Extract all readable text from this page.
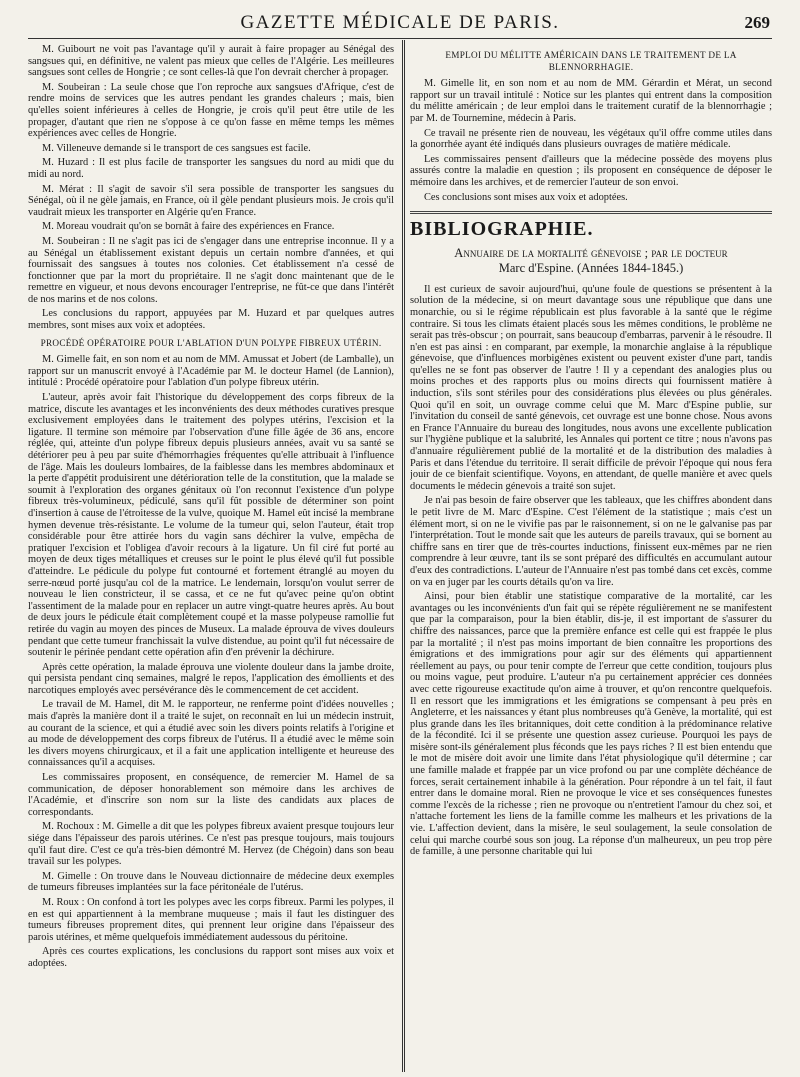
GAZETTE MÉDICALE DE PARIS.	269

M. Guibourt ne voit pas l'avantage qu'il y aurait à faire propager au Sénégal des sangsues qui, en définitive, ne valent pas mieux que celles de l'Algérie. Les meilleures sangsues sont celles de Hongrie ; ce sont celles-là que l'on devrait chercher à propager.

M. Soubeiran : La seule chose que l'on reproche aux sangsues d'Afrique, c'est de rendre moins de services que les autres pendant les grandes chaleurs ; mais, bien qu'elles soient inférieures à celles de Hongrie, je crois qu'il peut être utile de les propager, d'autant que rien ne s'oppose à ce qu'on fasse en même temps les mêmes expériences avec celles de Hongrie.

M. Villeneuve demande si le transport de ces sangsues est facile.

M. Huzard : Il est plus facile de transporter les sangsues du nord au midi que du midi au nord.

M. Mérat : Il s'agit de savoir s'il sera possible de transporter les sangsues du Sénégal, où il ne gèle jamais, en France, où il gèle pendant plusieurs mois. Je crois qu'il vaudrait mieux les transporter en Algérie qu'en France.

M. Moreau voudrait qu'on se bornât à faire des expériences en France.

M. Soubeiran : Il ne s'agit pas ici de s'engager dans une entreprise inconnue. Il y a au Sénégal un établissement existant depuis un certain nombre d'années, et qui fournissait des sangsues à toutes nos colonies. Cet établissement n'a cessé de fonctionner que par la mort du propriétaire. Il ne s'agit donc maintenant que de le remettre en vigueur, et nous devons encourager l'entreprise, ne fût-ce que dans l'intérêt de nos marins et de nos colons.

Les conclusions du rapport, appuyées par M. Huzard et par quelques autres membres, sont mises aux voix et adoptées.

PROCÉDÉ OPÉRATOIRE POUR L'ABLATION D'UN POLYPE FIBREUX UTÉRIN.

M. Gimelle fait, en son nom et au nom de MM. Amussat et Jobert (de Lamballe), un rapport sur un manuscrit envoyé à l'Académie par M. le docteur Hamel (de Lannion), intitulé : Procédé opératoire pour l'ablation d'un polype fibreux utérin.

L'auteur, après avoir fait l'historique du développement des corps fibreux de la matrice, discute les avantages et les inconvénients des deux méthodes curatives presque exclusivement employées dans le traitement des polypes utérins, l'excision et la ligature. Il termine son mémoire par l'observation d'une fille âgée de 36 ans, encore réglée, qui, atteinte d'un polype fibreux depuis plusieurs années, avait vu sa santé se détériorer peu à peu par suite d'hémorrhagies fréquentes qu'elle attribuait à l'influence de l'âge. Mais les douleurs lombaires, de la faiblesse dans les membres abdominaux et la perte d'appétit produisirent une détérioration telle de la constitution, que la malade se soumit à l'exploration des organes génitaux où l'on reconnut l'existence d'un polype fibreux très-volumineux, pédiculé, sans qu'il fût possible de déterminer son point d'insertion à cause de l'étroitesse de la vulve, quoique M. Hamel eût incisé la membrane hymen devenue très-résistante. Le volume de la tumeur qui, selon l'auteur, était trop considérable pour être attirée hors du vagin sans déchirer la vulve, empêcha de pratiquer l'excision et l'obligea d'avoir recours à la ligature. Un fil ciré fut porté au moyen de deux tiges métalliques et creuses sur le point le plus élevé qu'il fut possible d'atteindre. Le pédicule du polype fut contourné et fortement étranglé au moyen du serre-nœud porté jusqu'au col de la matrice. Le lendemain, lorsqu'on voulut serrer de nouveau le lien constricteur, il se cassa, et ce ne fut qu'avec peine qu'on obtint l'assentiment de la malade pour en replacer un autre vingt-quatre heures après. Au bout de deux jours le pédicule était complètement coupé et la masse polypeuse ramollie fut retirée du vagin au moyen des pinces de Museux. La malade éprouva de vives douleurs pendant que cette tumeur franchissait la vulve distendue, au point qu'il fut nécessaire de soutenir le périnée pendant cette opération afin d'en prévenir la déchirure.

Après cette opération, la malade éprouva une violente douleur dans la jambe droite, qui persista pendant cinq semaines, malgré le repos, l'application des émollients et des narcotiques employés avec persévérance dès le commencement de cet accident.

Le travail de M. Hamel, dit M. le rapporteur, ne renferme point d'idées nouvelles ; mais d'après la manière dont il a traité le sujet, on reconnaît en lui un médecin instruit, au courant de la science, et qui a étudié avec soin les divers points relatifs à l'origine et au mode de développement des corps fibreux de l'utérus. Il a étudié avec le même soin les divers moyens chirurgicaux, et il a fait une application intelligente et heureuse des connaissances qu'il a acquises.

Les commissaires proposent, en conséquence, de remercier M. Hamel de sa communication, de déposer honorablement son mémoire dans les archives de l'Académie, et d'inscrire son nom sur la liste des candidats aux places de correspondants.

M. Rochoux : M. Gimelle a dit que les polypes fibreux avaient presque toujours leur siége dans l'épaisseur des parois utérines. Ce n'est pas presque toujours, mais toujours qu'il faut dire. C'est ce qu'a très-bien démontré M. Hervez (de Chégoin) dans son beau travail sur les polypes.

M. Gimelle : On trouve dans le Nouveau dictionnaire de médecine deux exemples de tumeurs fibreuses implantées sur la face péritonéale de l'utérus.

M. Roux : On confond à tort les polypes avec les corps fibreux. Parmi les polypes, il en est qui appartiennent à la membrane muqueuse ; mais il faut les distinguer des tumeurs fibreuses proprement dites, qui prennent leur origine dans l'épaisseur des parois utérines, et même quelquefois immédiatement audessous du péritoine.

Après ces courtes explications, les conclusions du rapport sont mises aux voix et adoptées.

EMPLOI DU MÉLITTE AMÉRICAIN DANS LE TRAITEMENT DE LA BLENNORRHAGIE.

M. Gimelle lit, en son nom et au nom de MM. Gérardin et Mérat, un second rapport sur un travail intitulé : Notice sur les plantes qui entrent dans la composition du mélitte américain ; de leur emploi dans le traitement curatif de la blennorrhagie ; par M. de Tournemine, médecin à Paris.

Ce travail ne présente rien de nouveau, les végétaux qu'il offre comme utiles dans la gonorrhée ayant été indiqués dans plusieurs ouvrages de matière médicale.

Les commissaires pensent d'ailleurs que la médecine possède des moyens plus assurés contre la maladie en question ; ils proposent en conséquence de déposer le mémoire dans les archives, et de remercier l'auteur de son envoi.

Ces conclusions sont mises aux voix et adoptées.

BIBLIOGRAPHIE.
Annuaire de la mortalité génevoise ; par le docteur
Marc d'Espine. (Années 1844-1845.)

Il est curieux de savoir aujourd'hui, qu'une foule de questions se présentent à la solution de la médecine, si on meurt davantage sous une république que dans une monarchie, ou si le régime républicain est plus favorable à la santé que le régime contraire. Si tous les climats étaient placés sous les mêmes conditions, le problème ne serait pas très-obscur ; on pourrait, sans beaucoup d'embarras, parvenir à le résoudre. Il n'en est pas ainsi : en comparant, par exemple, la monarchie anglaise à la république génevoise, que d'influences morbigènes existent ou peuvent exister d'une part, tandis qu'elles ne se font pas observer de l'autre ! Il y a cependant des analogies plus ou moins proches et des rapports plus ou moins directs qui fournissent matière à induction, s'ils sont stériles pour des considérations plus élevées ou plus générales. Quoi qu'il en soit, un ouvrage comme celui que M. Marc d'Espine publie, sur l'invitation du conseil de santé génevois, cet ouvrage est une bonne chose. Nous avons en France l'Annuaire du bureau des longitudes, nous avons une excellente publication sur l'hygiène publique et la salubrité, les Annales qui portent ce titre ; nous n'avons pas d'annuaire régulièrement publié de la mortalité et de la distribution des maladies à Paris et dans l'étendue du territoire. Il serait difficile de prévoir l'époque qui nous fera jouir de ce bienfait scientifique. Voyons, en attendant, de quelle manière et avec quels documents le médecin génevois a traité son sujet.

Je n'ai pas besoin de faire observer que les tableaux, que les chiffres abondent dans le petit livre de M. Marc d'Espine. C'est l'élément de la statistique ; mais c'est un élément mort, si on ne le vivifie pas par le raisonnement, si on ne le galvanise pas par l'interprétation. Tout le monde sait que les auteurs de pareils travaux, qui se bornent au chiffre sans en tirer que de très-courtes inductions, finissent eux-mêmes par ne rien comprendre à leur œuvre, tant ils se sont préparé des difficultés en accumulant autour d'eux des contradictions. L'auteur de l'Annuaire n'est pas tombé dans cet excès, comme on va en juger par les courts détails qu'on va lire.

Ainsi, pour bien établir une statistique comparative de la mortalité, car les avantages ou les inconvénients d'un fait qui se répète régulièrement ne se manifestent que par la comparaison, pour la bien établir, dis-je, il est important de s'assurer du chiffre des naissances, parce que la première enfance est celle qui est frappée le plus par la mortalité ; il n'est pas moins important de bien connaître les proportions des émigrations et des immigrations pour agir sur des éléments qui appartiennent réellement au pays, ou pour tenir compte de l'erreur que cette condition, toujours plus ou moins vague, peut produire. L'auteur n'a pu certainement apprécier ces données avec cette rigoureuse exactitude qu'on aime à trouver, et qu'on rencontre quelquefois. Il en ressort que les immigrations et les émigrations se compensant à peu près en Angleterre, et les naissances y étant plus nombreuses qu'à Genève, la mortalité, qui est plus grande dans les îles britanniques, doit cette condition à la prédominance relative de la fécondité. Ici il se présente une question assez curieuse. Pourquoi les pays de misère sont-ils généralement plus féconds que les pays riches ? Il est bien entendu que le mot de misère doit avoir une limite dans l'état physiologique qu'il détermine ; car une famille malade et frappée par un vice profond ou par une complète déchéance de forces, serait certainement inhabile à la génération. Pour répondre à un tel fait, il faut entrer dans le domaine moral. Rien ne provoque le vice et ses conséquences funestes comme l'excès de la richesse ; rien ne provoque ou n'entretient l'amour du chez soi, et n'attache fortement les liens de la famille comme les malheurs et les privations de la vie. L'affection devient, dans la misère, le seul soulagement, la seule consolation de celui qui marche courbé sous son joug. La réponse d'un malheureux, un peu trop père de famille, à une personne charitable qui lui
